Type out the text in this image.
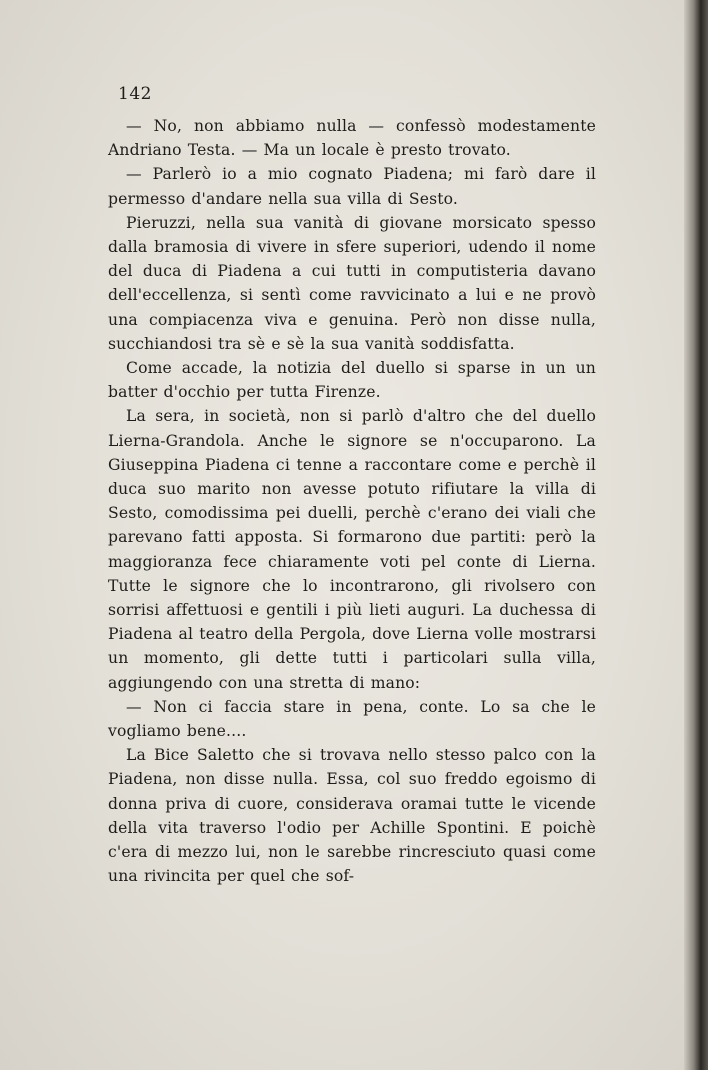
142

— No, non abbiamo nulla — confessò modestamente Andriano Testa. — Ma un locale è presto trovato.

— Parlerò io a mio cognato Piadena; mi farò dare il permesso d'andare nella sua villa di Sesto.

Pieruzzi, nella sua vanità di giovane morsicato spesso dalla bramosia di vivere in sfere superiori, udendo il nome del duca di Piadena a cui tutti in computisteria davano dell'eccellenza, si sentì come ravvicinato a lui e ne provò una compiacenza viva e genuina. Però non disse nulla, succhiandosi tra sè e sè la sua vanità soddisfatta.

Come accade, la notizia del duello si sparse in un un batter d'occhio per tutta Firenze.

La sera, in società, non si parlò d'altro che del duello Lierna-Grandola. Anche le signore se n'occuparono. La Giuseppina Piadena ci tenne a raccontare come e perchè il duca suo marito non avesse potuto rifiutare la villa di Sesto, comodissima pei duelli, perchè c'erano dei viali che parevano fatti apposta. Si formarono due partiti: però la maggioranza fece chiaramente voti pel conte di Lierna. Tutte le signore che lo incontrarono, gli rivolsero con sorrisi affettuosi e gentili i più lieti auguri. La duchessa di Piadena al teatro della Pergola, dove Lierna volle mostrarsi un momento, gli dette tutti i particolari sulla villa, aggiungendo con una stretta di mano:

— Non ci faccia stare in pena, conte. Lo sa che le vogliamo bene....

La Bice Saletto che si trovava nello stesso palco con la Piadena, non disse nulla. Essa, col suo freddo egoismo di donna priva di cuore, considerava oramai tutte le vicende della vita traverso l'odio per Achille Spontini. E poichè c'era di mezzo lui, non le sarebbe rincresciuto quasi come una rivincita per quel che sof-
